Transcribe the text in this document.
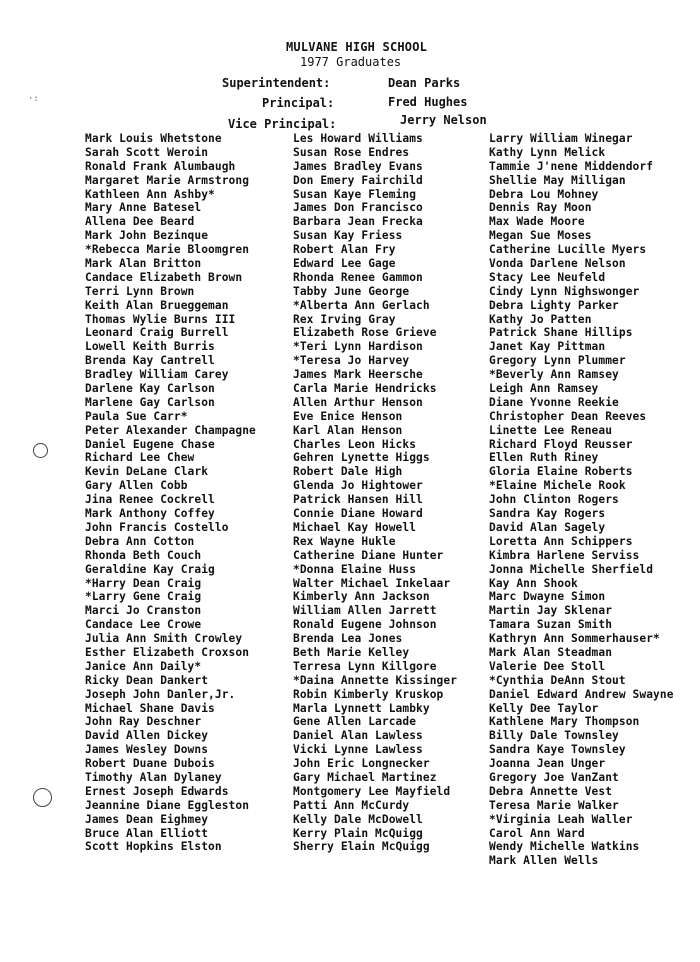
MULVANE HIGH SCHOOL
1977 Graduates
Superintendent:	Dean Parks
Principal:	Fred Hughes
Vice Principal:	Jerry Nelson
Mark Louis Whetstone
Sarah Scott Weroin
Ronald Frank Alumbaugh
Margaret Marie Armstrong
Kathleen Ann Ashby*
Mary Anne Batesel
Allena Dee Beard
Mark John Bezinque
*Rebecca Marie Bloomgren
Mark Alan Britton
Candace Elizabeth Brown
Terri Lynn Brown
Keith Alan Brueggeman
Thomas Wylie Burns III
Leonard Craig Burrell
Lowell Keith Burris
Brenda Kay Cantrell
Bradley William Carey
Darlene Kay Carlson
Marlene Gay Carlson
Paula Sue Carr*
Peter Alexander Champagne
Daniel Eugene Chase
Richard Lee Chew
Kevin DeLane Clark
Gary Allen Cobb
Jina Renee Cockrell
Mark Anthony Coffey
John Francis Costello
Debra Ann Cotton
Rhonda Beth Couch
Geraldine Kay Craig
*Harry Dean Craig
*Larry Gene Craig
Marci Jo Cranston
Candace Lee Crowe
Julia Ann Smith Crowley
Esther Elizabeth Croxson
Janice Ann Daily*
Ricky Dean Dankert
Joseph John Danler,Jr.
Michael Shane Davis
John Ray Deschner
David Allen Dickey
James Wesley Downs
Robert Duane Dubois
Timothy Alan Dylaney
Ernest Joseph Edwards
Jeannine Diane Eggleston
James Dean Eighmey
Bruce Alan Elliott
Scott Hopkins Elston
Les Howard Williams
Susan Rose Endres
James Bradley Evans
Don Emery Fairchild
Susan Kaye Fleming
James Don Francisco
Barbara Jean Frecka
Susan Kay Friess
Robert Alan Fry
Edward Lee Gage
Rhonda Renee Gammon
Tabby June George
*Alberta Ann Gerlach
Rex Irving Gray
Elizabeth Rose Grieve
*Teri Lynn Hardison
*Teresa Jo Harvey
James Mark Heersche
Carla Marie Hendricks
Allen Arthur Henson
Eve Enice Henson
Karl Alan Henson
Charles Leon Hicks
Gehren Lynette Higgs
Robert Dale High
Glenda Jo Hightower
Patrick Hansen Hill
Connie Diane Howard
Michael Kay Howell
Rex Wayne Hukle
Catherine Diane Hunter
*Donna Elaine Huss
Walter Michael Inkelaar
Kimberly Ann Jackson
William Allen Jarrett
Ronald Eugene Johnson
Brenda Lea Jones
Beth Marie Kelley
Terresa Lynn Killgore
*Daina Annette Kissinger
Robin Kimberly Kruskop
Marla Lynnett Lambky
Gene Allen Larcade
Daniel Alan Lawless
Vicki Lynne Lawless
John Eric Longnecker
Gary Michael Martinez
Montgomery Lee Mayfield
Patti Ann McCurdy
Kelly Dale McDowell
Kerry Plain McQuigg
Sherry Elain McQuigg
Larry William Winegar
Kathy Lynn Melick
Tammie J'nene Middendorf
Shellie May Milligan
Debra Lou Mohney
Dennis Ray Moon
Max Wade Moore
Megan Sue Moses
Catherine Lucille Myers
Vonda Darlene Nelson
Stacy Lee Neufeld
Cindy Lynn Nighswonger
Debra Lighty Parker
Kathy Jo Patten
Patrick Shane Hillips
Janet Kay Pittman
Gregory Lynn Plummer
*Beverly Ann Ramsey
Leigh Ann Ramsey
Diane Yvonne Reekie
Christopher Dean Reeves
Linette Lee Reneau
Richard Floyd Reusser
Ellen Ruth Riney
Gloria Elaine Roberts
*Elaine Michele Rook
John Clinton Rogers
Sandra Kay Rogers
David Alan Sagely
Loretta Ann Schippers
Kimbra Harlene Serviss
Jonna Michelle Sherfield
Kay Ann Shook
Marc Dwayne Simon
Martin Jay Sklenar
Tamara Suzan Smith
Kathryn Ann Sommerhauser*
Mark Alan Steadman
Valerie Dee Stoll
*Cynthia DeAnn Stout
Daniel Edward Andrew Swayne
Kelly Dee Taylor
Kathlene Mary Thompson
Billy Dale Townsley
Sandra Kaye Townsley
Joanna Jean Unger
Gregory Joe VanZant
Debra Annette Vest
Teresa Marie Walker
*Virginia Leah Waller
Carol Ann Ward
Wendy Michelle Watkins
Mark Allen Wells
·:
